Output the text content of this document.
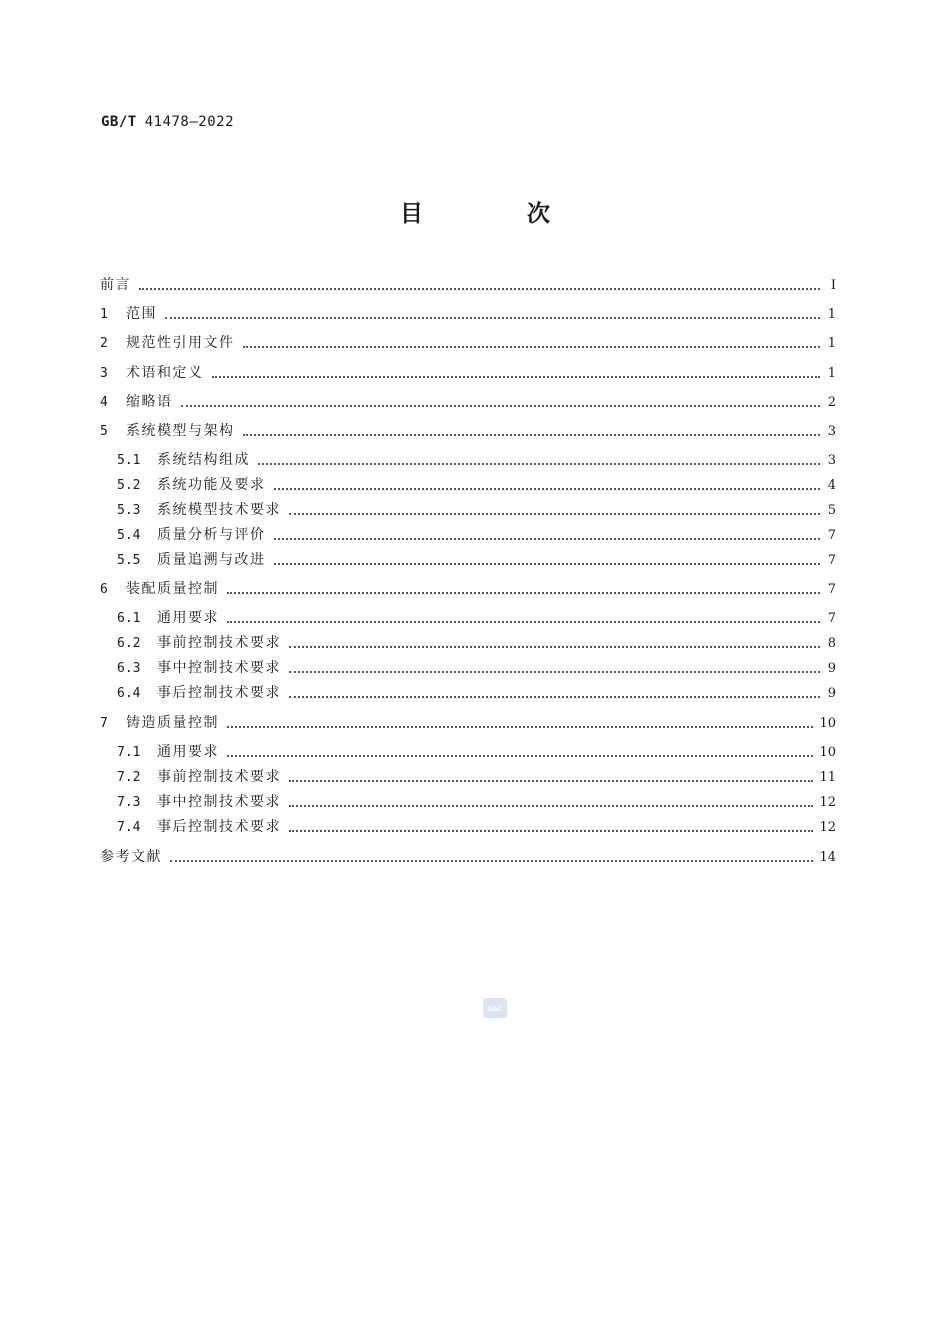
GB/T 41478—2022
目 次
前言	Ⅰ
1	范围	1
2	规范性引用文件	1
3	术语和定义	1
4	缩略语	2
5	系统模型与架构	3
5.1	系统结构组成	3
5.2	系统功能及要求	4
5.3	系统模型技术要求	5
5.4	质量分析与评价	7
5.5	质量追溯与改进	7
6	装配质量控制	7
6.1	通用要求	7
6.2	事前控制技术要求	8
6.3	事中控制技术要求	9
6.4	事后控制技术要求	9
7	铸造质量控制	10
7.1	通用要求	10
7.2	事前控制技术要求	11
7.3	事中控制技术要求	12
7.4	事后控制技术要求	12
参考文献	14
SAC
